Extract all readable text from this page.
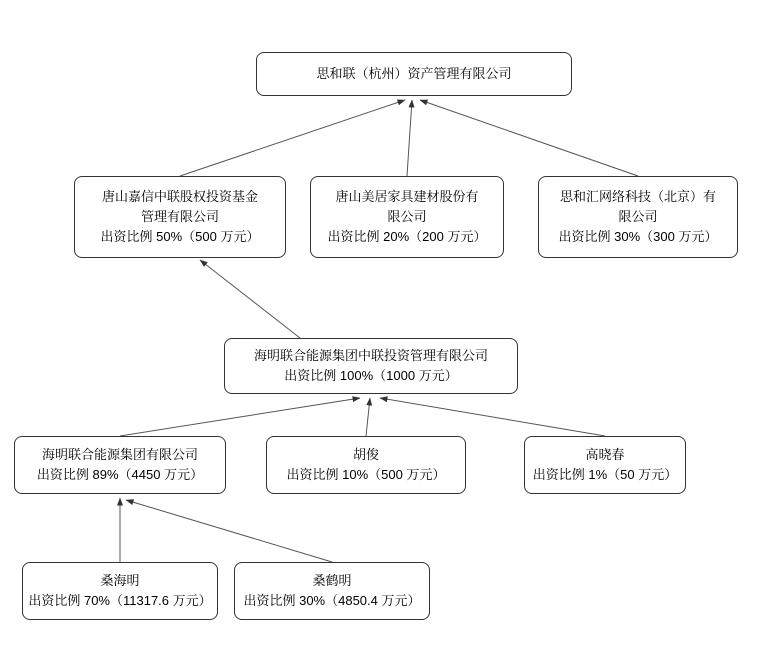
思和联（杭州）资产管理有限公司
唐山嘉信中联股权投资基金
管理有限公司
出资比例 50%（500 万元）
唐山美居家具建材股份有
限公司
出资比例 20%（200 万元）
思和汇网络科技（北京）有
限公司
出资比例 30%（300 万元）
海明联合能源集团中联投资管理有限公司
出资比例 100%（1000 万元）
海明联合能源集团有限公司
出资比例 89%（4450 万元）
胡俊
出资比例 10%（500 万元）
高晓春
出资比例 1%（50 万元）
桑海明
出资比例 70%（11317.6 万元）
桑鹤明
出资比例 30%（4850.4 万元）
